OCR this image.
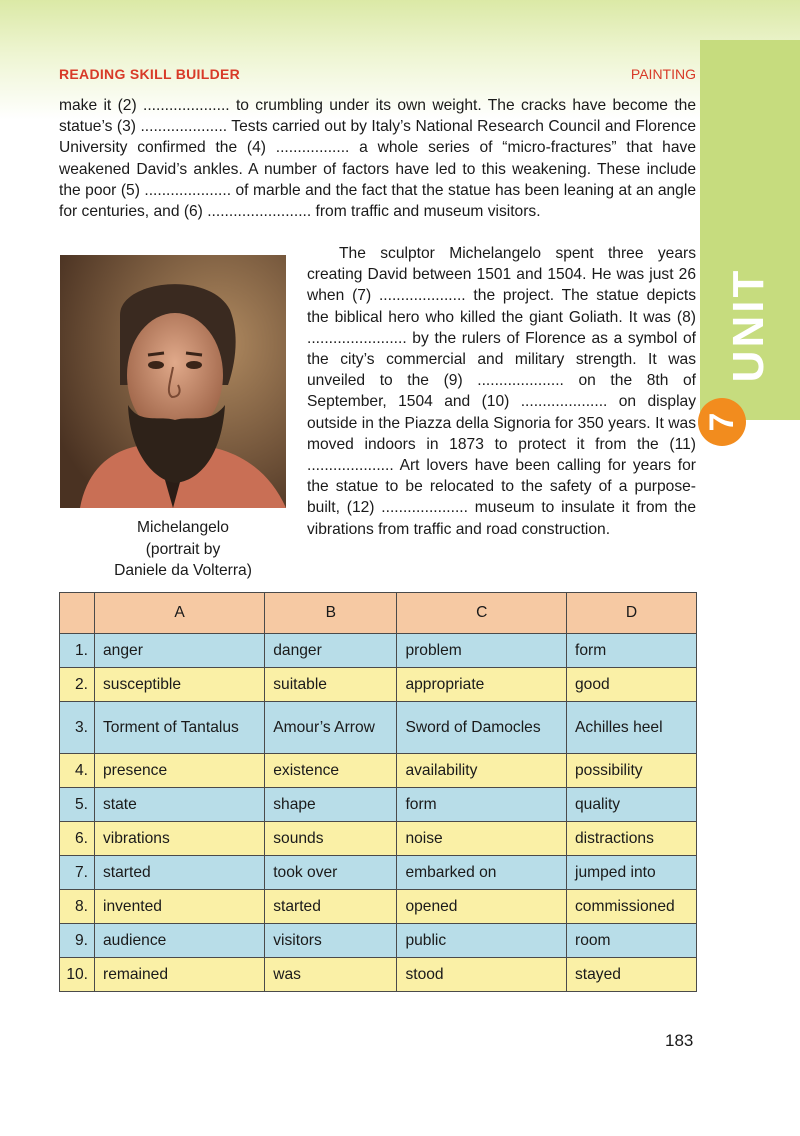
UNIT
7
READING SKILL BUILDER	PAINTING

make it (2) .................... to crumbling under its own weight. The cracks have become the statue’s (3) .................... Tests carried out by Italy’s National Research Council and Florence University confirmed the (4) ................. a whole series of “micro-fractures” that have weakened David’s ankles. A number of factors have led to this weakening. These include the poor (5) .................... of marble and the fact that the statue has been leaning at an angle for centuries, and (6) ........................ from traffic and museum visitors.

Michelangelo
(portrait by
Daniele da Volterra)

The sculptor Michelangelo spent three years creating David between 1501 and 1504. He was just 26 when (7) .................... the project. The statue depicts the biblical hero who killed the giant Goliath. It was (8) ....................... by the rulers of Florence as a symbol of the city’s commercial and military strength. It was unveiled to the (9) .................... on the 8th of September, 1504 and (10) .................... on display outside in the Piazza della Signoria for 350 years. It was moved indoors in 1873 to protect it from the (11) .................... Art lovers have been calling for years for the statue to be relocated to the safety of a purpose-built, (12) .................... museum to insulate it from the vibrations from traffic and road construction.

	A	B	C	D
1.	anger	danger	problem	form
2.	susceptible	suitable	appropriate	good
3.	Torment of Tantalus	Amour’s Arrow	Sword of Damocles	Achilles heel
4.	presence	existence	availability	possibility
5.	state	shape	form	quality
6.	vibrations	sounds	noise	distractions
7.	started	took over	embarked on	jumped into
8.	invented	started	opened	commissioned
9.	audience	visitors	public	room
10.	remained	was	stood	stayed
183
